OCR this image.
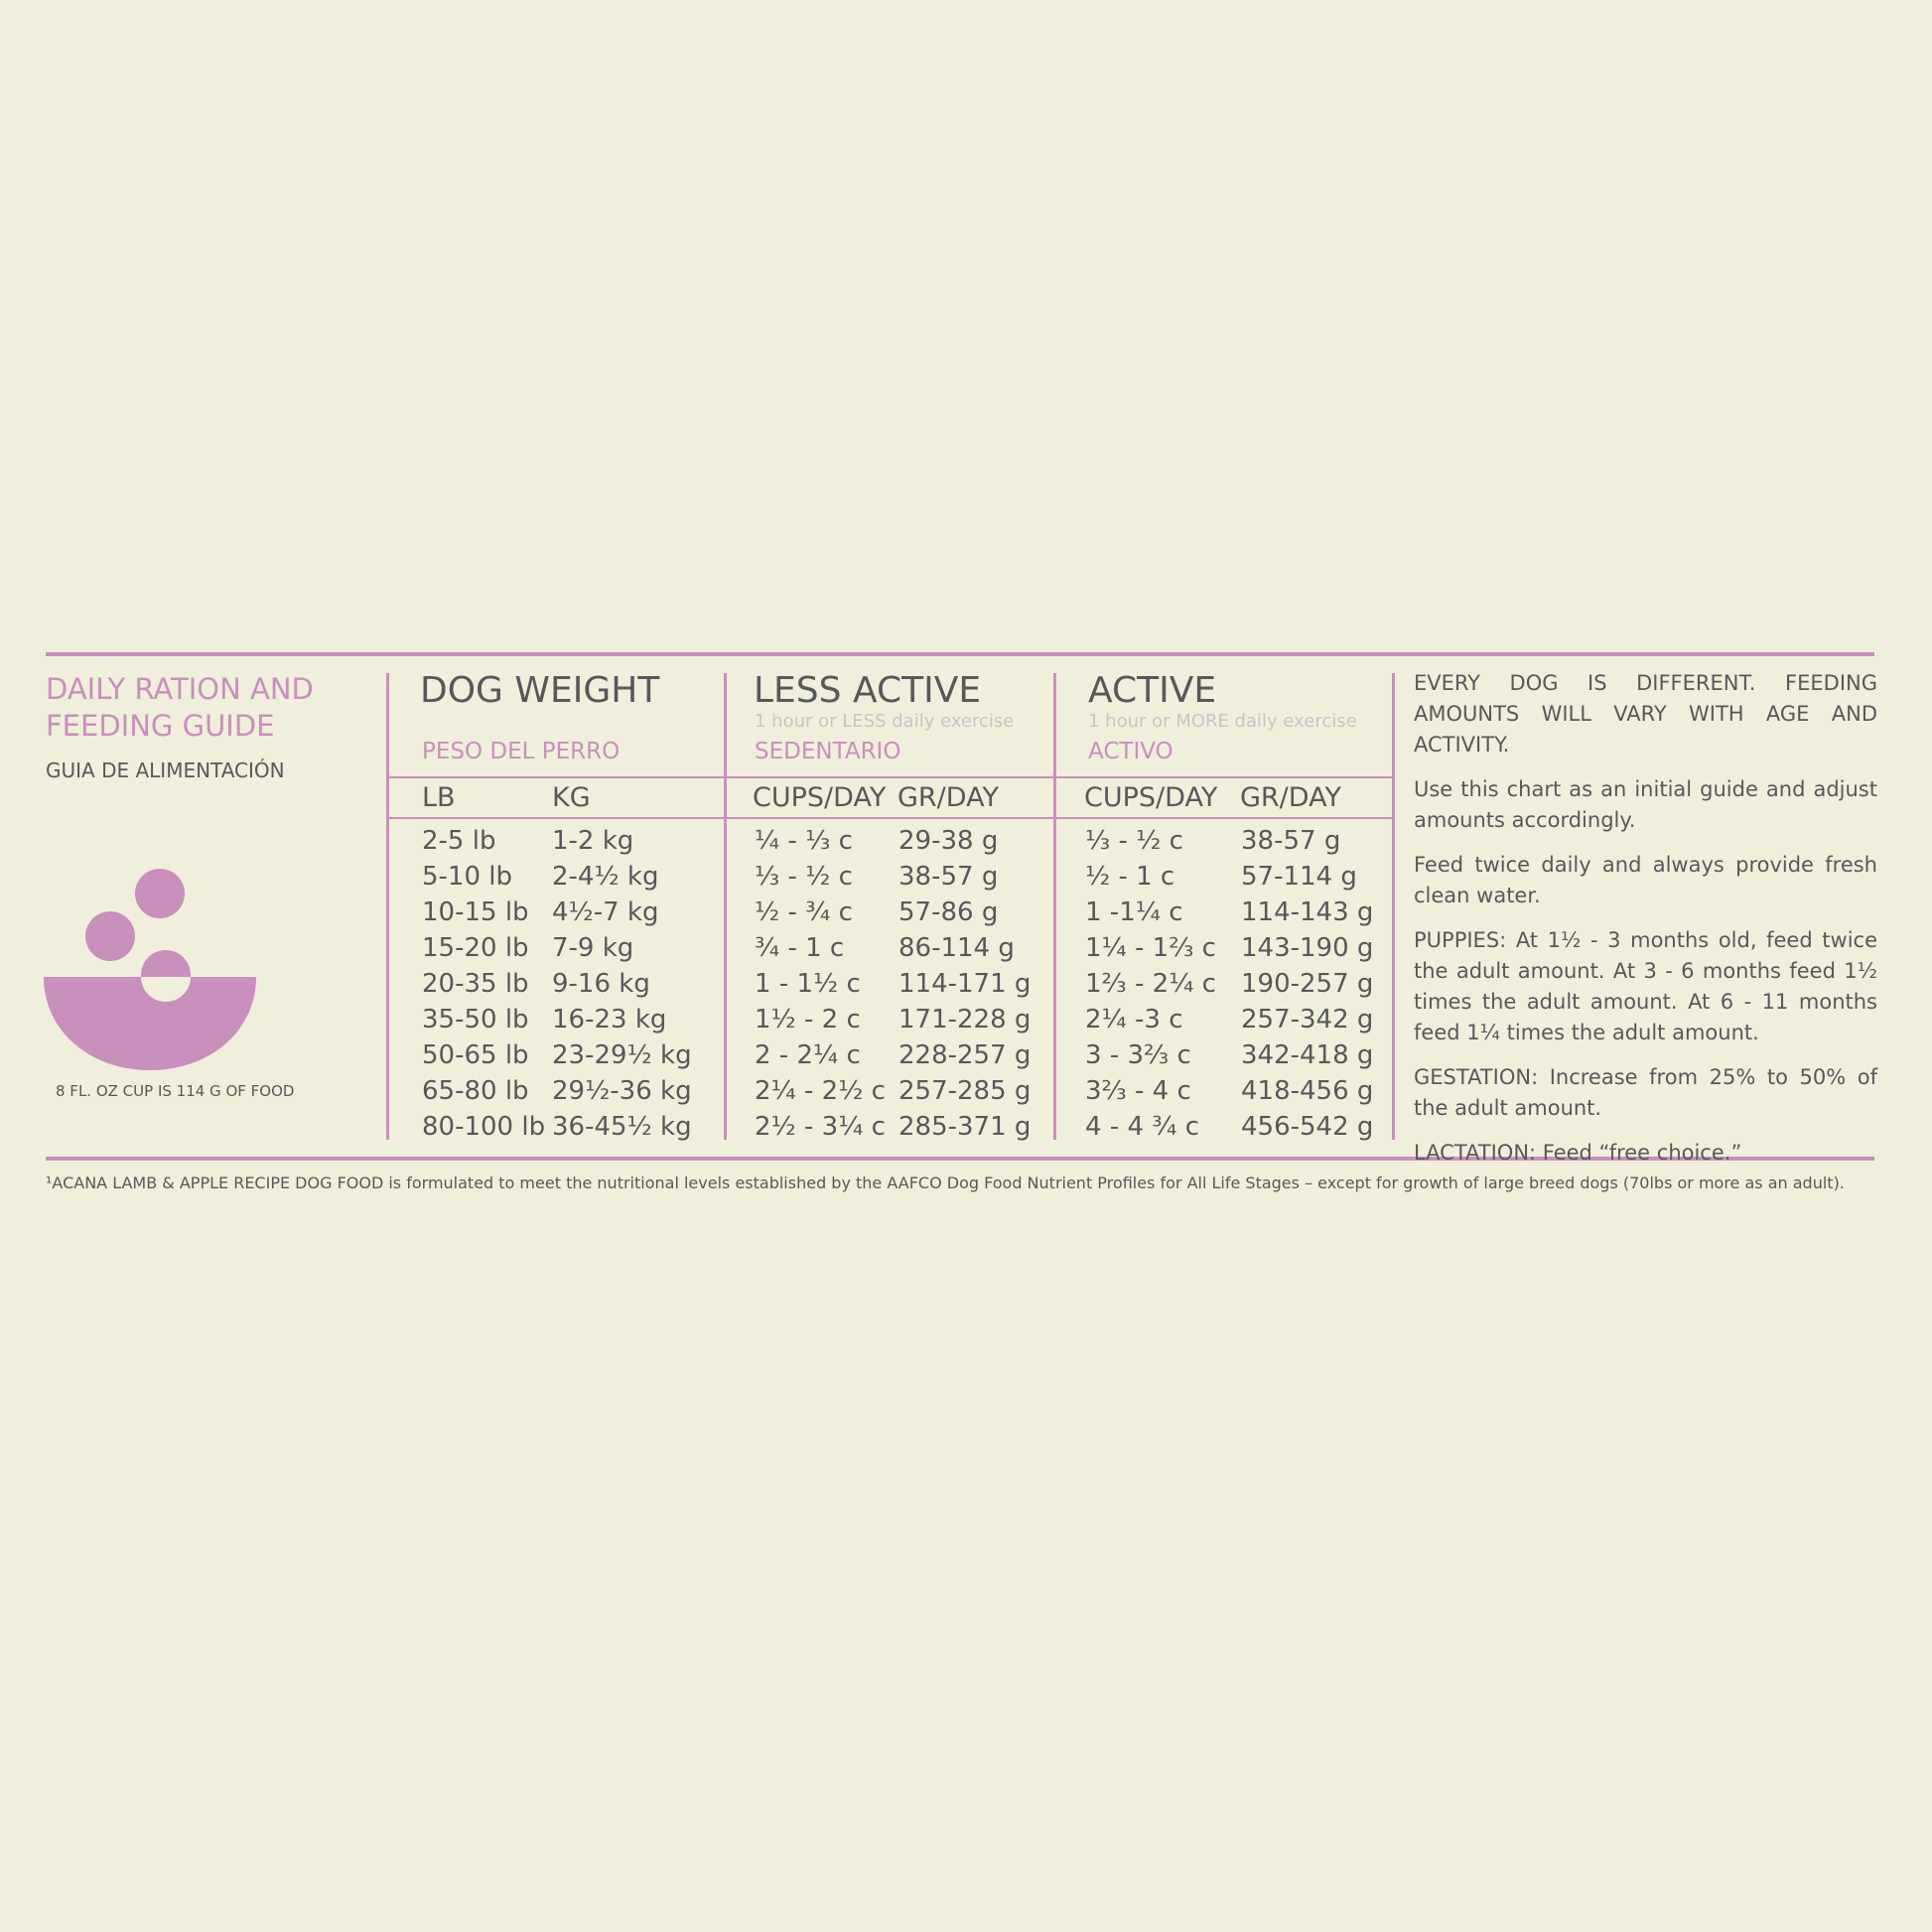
DAILY RATION AND
FEEDING GUIDE
GUIA DE ALIMENTACIÓN
8 FL. OZ CUP IS 114 G OF FOOD
DOG WEIGHT
PESO DEL PERRO
LB	KG
LESS ACTIVE
1 hour or LESS daily exercise
SEDENTARIO
CUPS/DAY GR/DAY
ACTIVE
1 hour or MORE daily exercise
ACTIVO
CUPS/DAY GR/DAY
2-5 lb 1-2 kg	¼ - ⅓ c 29-38 g	⅓ - ½ c 38-57 g
5-10 lb 2-4½ kg	⅓ - ½ c 38-57 g	½ - 1 c	57-114 g
10-15 lb 4½-7 kg	½ - ¾ c 57-86 g	1 -1¼ c 114-143 g
15-20 lb 7-9 kg	¾ - 1 c 86-114 g	1¼ - 1⅔ c 143-190 g
20-35 lb 9-16 kg	1 - 1½ c 114-171 g 1⅔ - 2¼ c 190-257 g
35-50 lb 16-23 kg	1½ - 2 c 171-228 g 2¼ -3 c 257-342 g
50-65 lb 23-29½ kg 2 - 2¼ c 228-257 g 3 - 3⅔ c 342-418 g
65-80 lb 29½-36 kg 2¼ - 2½ c 257-285 g 3⅔ - 4 c 418-456 g
80-100 lb 36-45½ kg 2½ - 3¼ c 285-371 g 4 - 4 ¾ c 456-542 g

EVERY DOG IS DIFFERENT. FEEDING AMOUNTS WILL VARY WITH AGE AND ACTIVITY.

Use this chart as an initial guide and adjust amounts accordingly.

Feed twice daily and always provide fresh clean water.

PUPPIES: At 1½ - 3 months old, feed twice the adult amount. At 3 - 6 months feed 1½ times the adult amount. At 6 - 11 months feed 1¼ times the adult amount.

GESTATION: Increase from 25% to 50% of the adult amount.

LACTATION: Feed “free choice.”

¹ACANA LAMB & APPLE RECIPE DOG FOOD is formulated to meet the nutritional levels established by the AAFCO Dog Food Nutrient Profiles for All Life Stages – except for growth of large breed dogs (70lbs or more as an adult).
